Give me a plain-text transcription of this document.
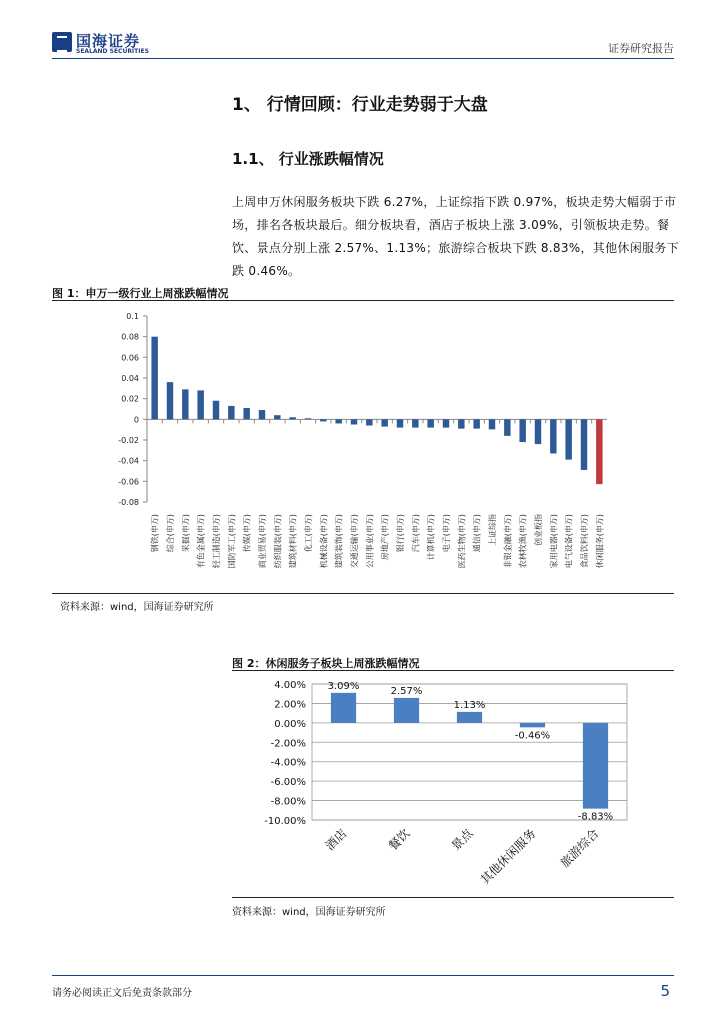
国海证券
SEALAND SECURITIES	证券研究报告
1、 行情回顾：行业走势弱于大盘
1.1、 行业涨跌幅情况
上周申万休闲服务板块下跌 6.27%，上证综指下跌 0.97%，板块走势大幅弱于市场，排名各板块最后。细分板块看，酒店子板块上涨 3.09%，引领板块走势。餐饮、景点分别上涨 2.57%、1.13%；旅游综合板块下跌 8.83%，其他休闲服务下跌 0.46%。
图 1：申万一级行业上周涨跌幅情况
0.1
0.08
0.06
0.04
0.02
0
-0.02
-0.04
-0.06
-0.08
钢铁(申万) 综合(申万) 采掘(申万) 有色金属(申万) 轻工制造(申万) 国防军工(申万) 传媒(申万) 商业贸易(申万) 纺织服装(申万) 建筑材料(申万) 化工(申万) 机械设备(申万) 建筑装饰(申万) 交通运输(申万) 公用事业(申万) 房地产(申万) 银行(申万) 汽车(申万) 计算机(申万) 电子(申万) 医药生物(申万) 通信(申万) 上证综指 非银金融(申万) 农林牧渔(申万) 创业板指 家用电器(申万) 电气设备(申万) 食品饮料(申万) 休闲服务(申万)
资料来源：wind，国海证券研究所
图 2：休闲服务子板块上周涨跌幅情况
4.00%
2.00%
0.00%
-2.00%
-4.00%
-6.00%
-8.00%
-10.00%
3.09%
酒店
2.57%
餐饮
1.13%
景点
-0.46%
其他休闲服务
-8.83%
旅游综合
资料来源：wind，国海证券研究所
请务必阅读正文后免责条款部分	5
